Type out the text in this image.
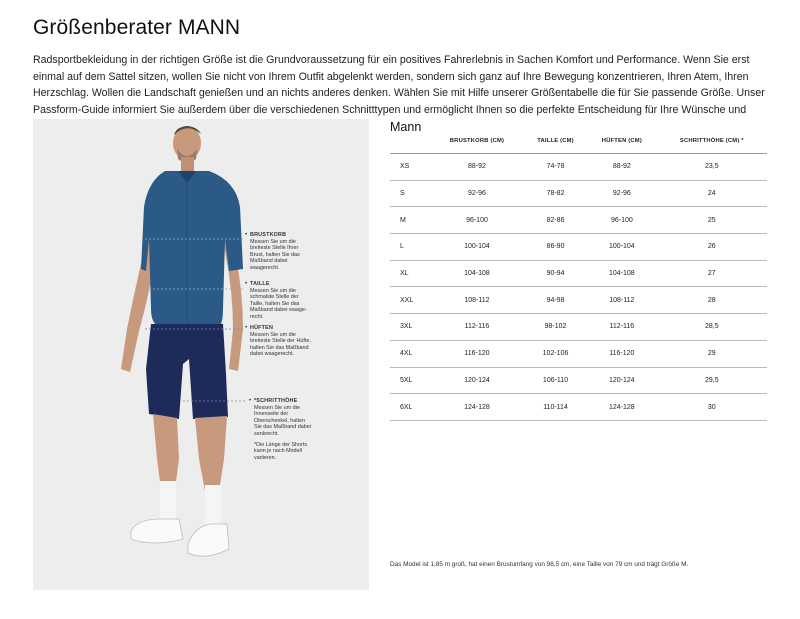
Größenberater MANN

Radsportbekleidung in der richtigen Größe ist die Grundvoraussetzung für ein positives Fahrerlebnis in Sachen Komfort und Performance. Wenn Sie erst einmal auf dem Sattel sitzen, wollen Sie nicht von Ihrem Outfit abgelenkt werden, sondern sich ganz auf Ihre Bewegung konzentrieren, Ihren Atem, Ihren Herzschlag. Wollen die Landschaft genießen und an nichts anderes denken. Wählen Sie mit Hilfe unserer Größentabelle die für Sie passende Größe. Unser Passform-Guide informiert Sie außerdem über die verschiedenen Schnitttypen und ermöglicht Ihnen so die perfekte Entscheidung für Ihre Wünsche und

• BRUSTKORB
Messen Sie um die breiteste Stelle Ihrer Brust, halten Sie das Maßband dabei waagerecht.
• TAILLE
Messen Sie um die schmalste Stelle der Taille, halten Sie das Maßband dabei waage-recht.
• HÜFTEN
Messen Sie um die breiteste Stelle der Hüfte, halten Sie das Maßband dabei waagerecht.
• *SCHRITTHÖHE
Messen Sie um die Innenseite der Oberschenkel, halten Sie das Maßband dabei senkrecht.
*Die Länge der Shorts kann je nach Modell variieren.
Mann
	BRUSTKORB (CM)	TAILLE (CM)	HÜFTEN (CM)	SCHRITTHÖHE (CM) *
XS	88-92	74-78	88-92	23,5
S	92-96	78-82	92-96	24
M	96-100	82-86	96-100	25
L	100-104	86-90	100-104	26
XL	104-108	90-94	104-108	27
XXL	108-112	94-98	108-112	28
3XL	112-116	98-102	112-116	28,5
4XL	116-120	102-106	116-120	29
5XL	120-124	106-110	120-124	29,5
6XL	124-128	110-114	124-128	30

Das Model ist 1,85 m groß, hat einen Brustumfang von 98,5 cm, eine Taille von 79 cm und trägt Größe M.
